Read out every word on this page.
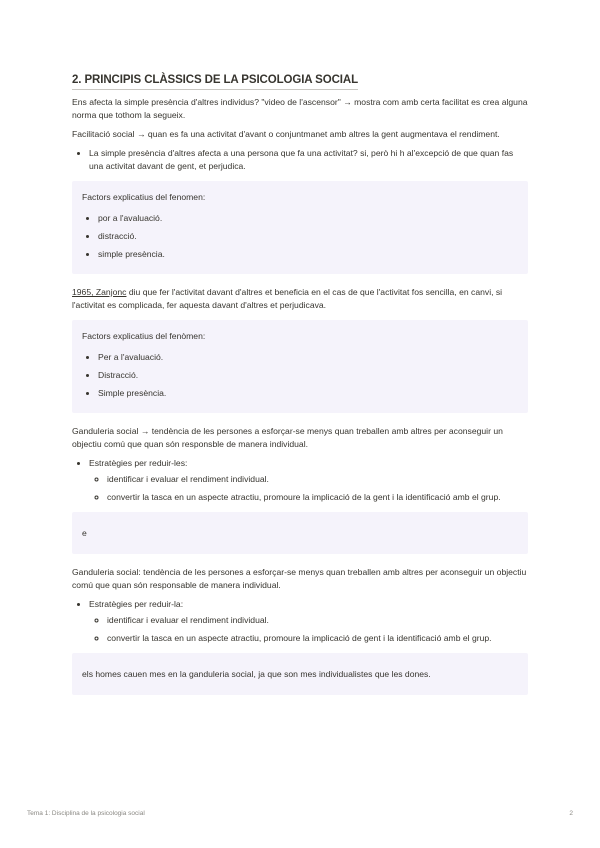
2. PRINCIPIS CLÀSSICS DE LA PSICOLOGIA SOCIAL

Ens afecta la simple presència d'altres individus? "video de l'ascensor" → mostra com amb certa facilitat es crea alguna norma que tothom la segueix.

Facilitació social → quan es fa una activitat d'avant o conjuntmanet amb altres la gent augmentava el rendiment.

• La simple presència d'altres afecta a una persona que fa una activitat? si, però hi h al'excepció de que quan fas una activitat davant de gent, et perjudica.

Factors explicatius del fenomen:

• por a l'avaluació.
• distracció.
• simple presència.

1965, Zanjonc diu que fer l'activitat davant d'altres et beneficia en el cas de que l'activitat fos sencilla, en canvi, si l'activitat es complicada, fer aquesta davant d'altres et perjudicava.

Factors explicatius del fenòmen:

• Per a l'avaluació.
• Distracció.
• Simple presència.

Ganduleria social → tendència de les persones a esforçar-se menys quan treballen amb altres per aconseguir un objectiu comú que quan són responsble de manera individual.

• Estratègies per reduir-les:
◦ identificar i evaluar el rendiment individual.
◦ convertir la tasca en un aspecte atractiu, promoure la implicació de la gent i la identificació amb el grup.

e

Ganduleria social: tendència de les persones a esforçar-se menys quan treballen amb altres per aconseguir un objectiu comú que quan són responsable de manera individual.

• Estratègies per reduir-la:
◦ identificar i evaluar el rendiment individual.
◦ convertir la tasca en un aspecte atractiu, promoure la implicació de gent i la identificació amb el grup.

els homes cauen mes en la ganduleria social, ja que son mes individualistes que les dones.

Tema 1: Disciplina de la psicologia social	2
